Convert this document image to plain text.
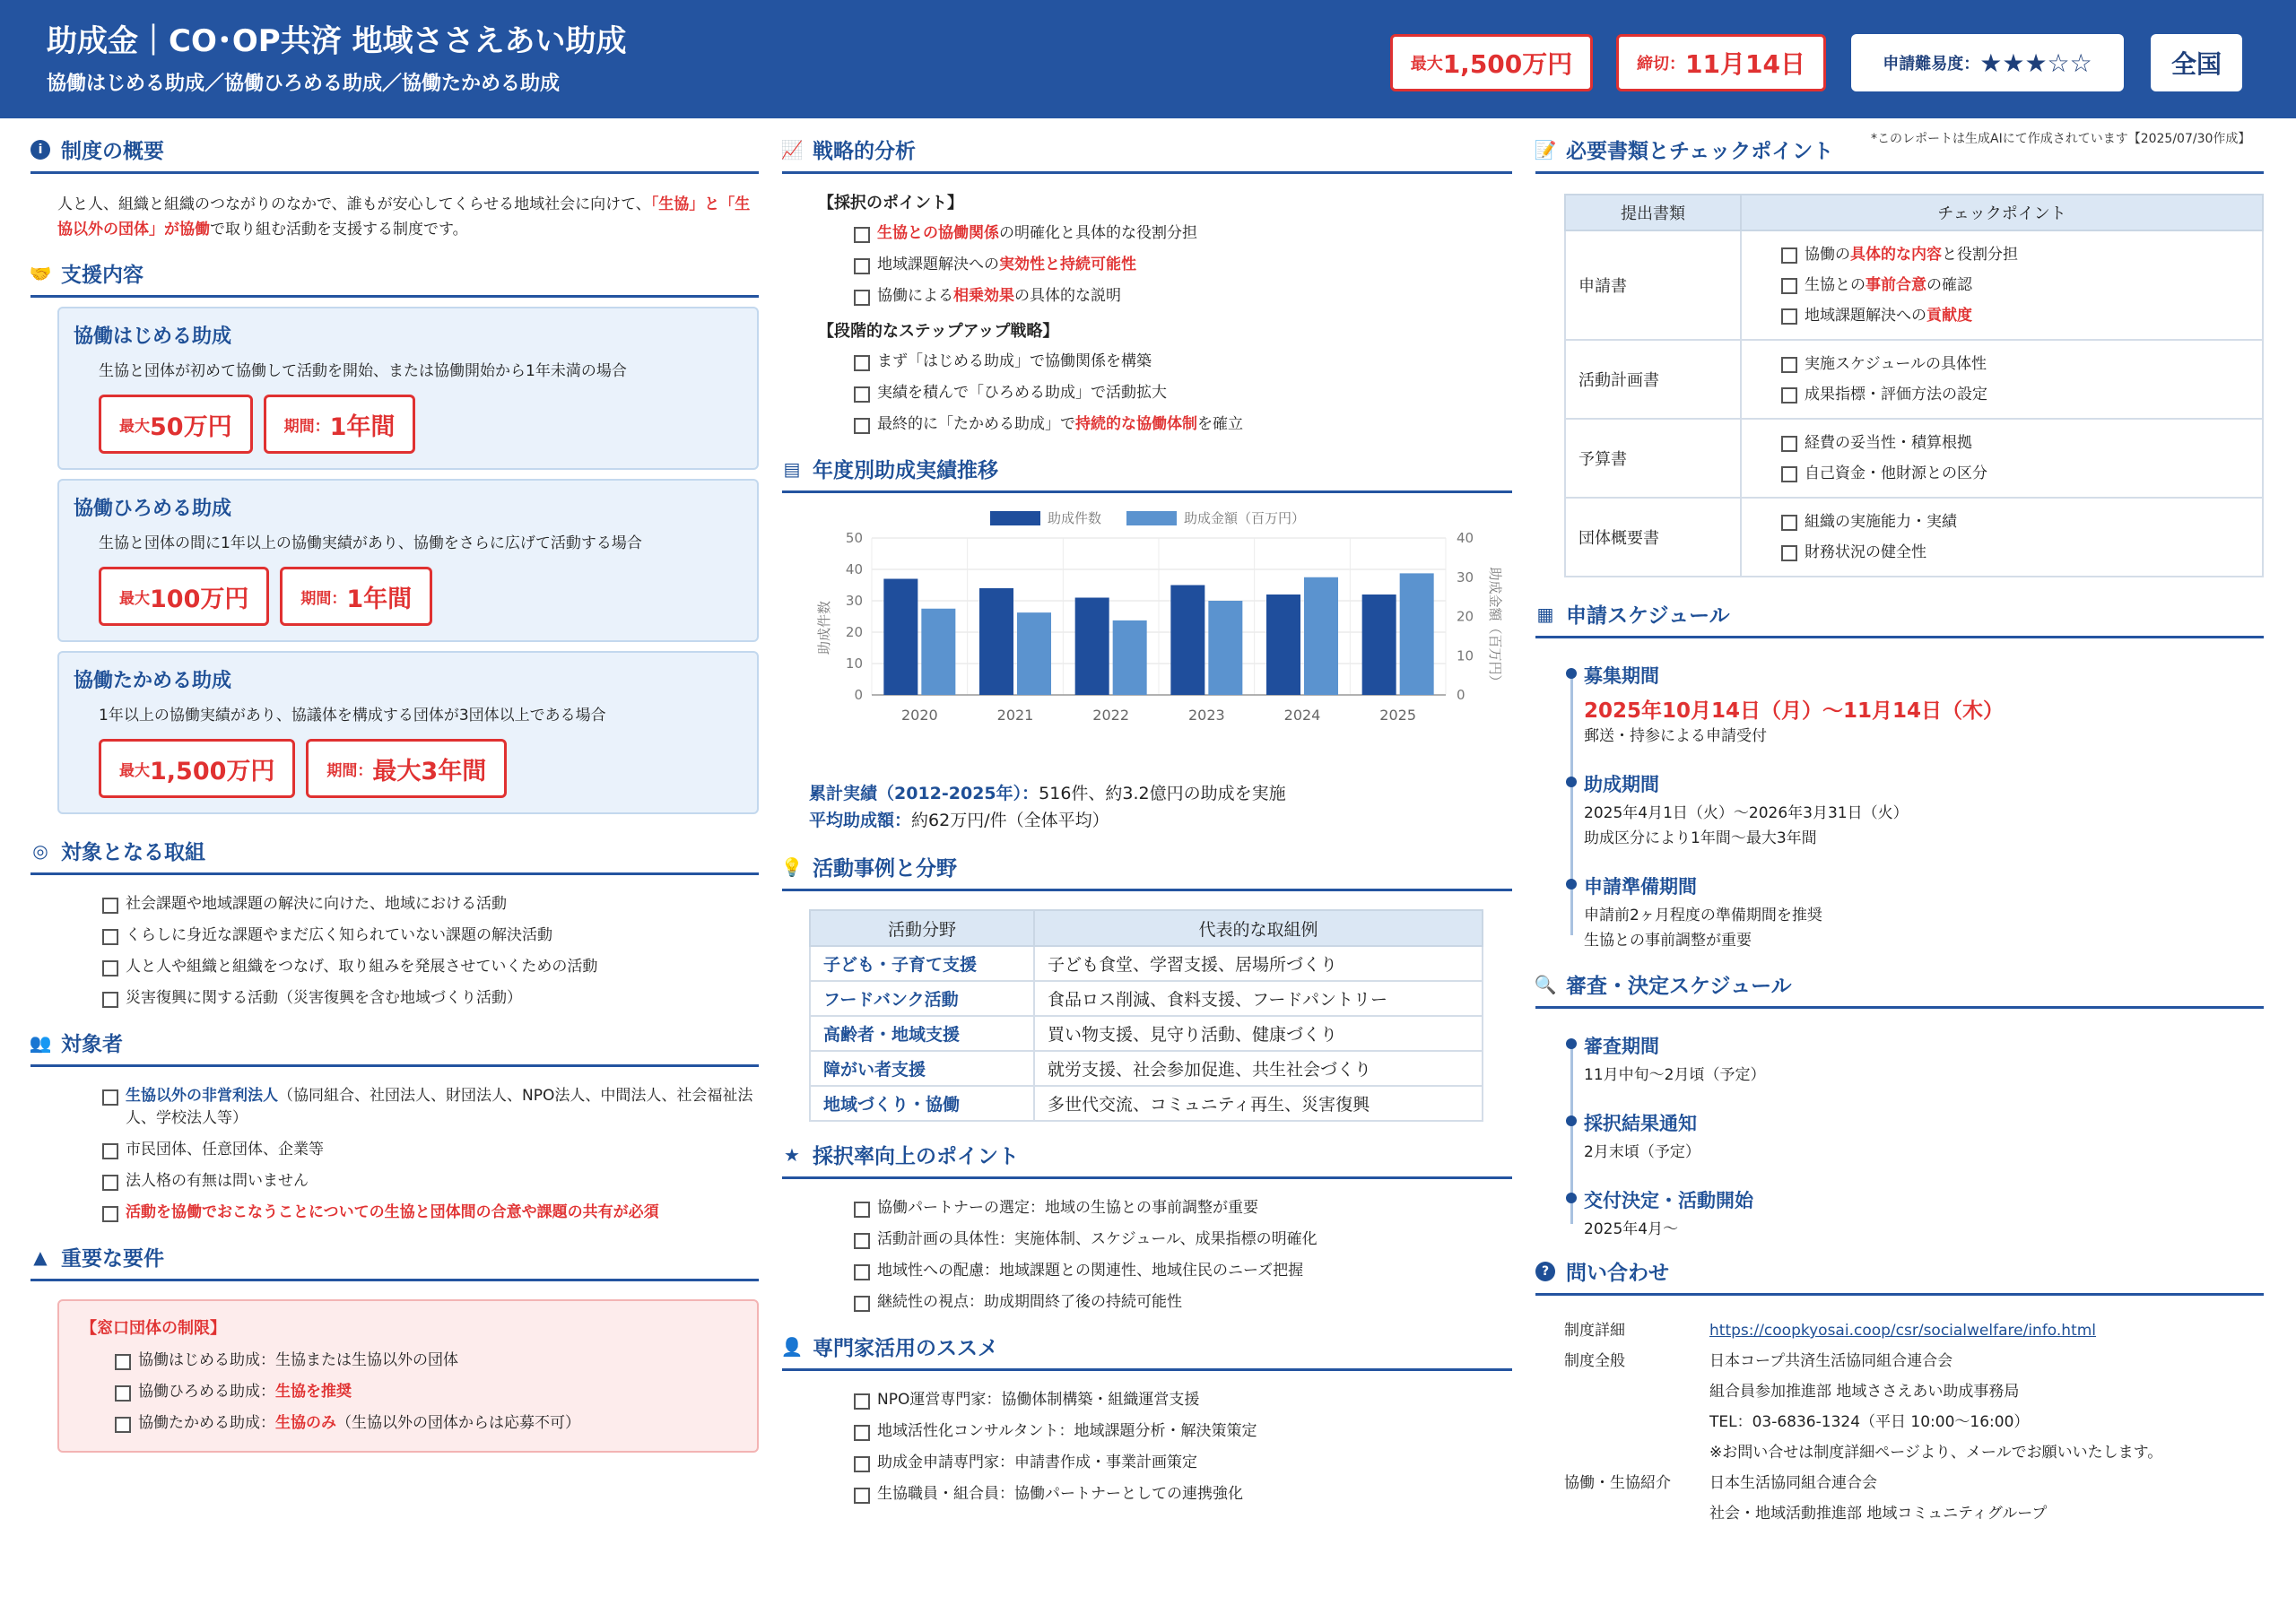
助成金｜CO･OP共済 地域ささえあい助成
協働はじめる助成／協働ひろめる助成／協働たかめる助成
最大 1,500万円	締切： 11月14日	申請難易度： ★★★☆☆	全国
*このレポートは生成AIにて作成されています【2025/07/30作成】
i 制度の概要
人と人、組織と組織のつながりのなかで、誰もが安心してくらせる地域社会に向けて、「生協」と「生協以外の団体」が協働で取り組む活動を支援する制度です。
🤝 支援内容
協働はじめる助成
生協と団体が初めて協働して活動を開始、または協働開始から1年未満の場合
最大 50万円	期間： 1年間
協働ひろめる助成
生協と団体の間に1年以上の協働実績があり、協働をさらに広げて活動する場合
最大 100万円	期間： 1年間
協働たかめる助成
1年以上の協働実績があり、協議体を構成する団体が3団体以上である場合
最大 1,500万円	期間： 最大3年間
◎ 対象となる取組
社会課題や地域課題の解決に向けた、地域における活動
くらしに身近な課題やまだ広く知られていない課題の解決活動
人と人や組織と組織をつなげ、取り組みを発展させていくための活動
災害復興に関する活動（災害復興を含む地域づくり活動）
👥 対象者
生協以外の非営利法人（協同組合、社団法人、財団法人、NPO法人、中間法人、社会福祉法人、学校法人等）
市民団体、任意団体、企業等
法人格の有無は問いません
活動を協働でおこなうことについての生協と団体間の合意や課題の共有が必須
▲ 重要な要件
【窓口団体の制限】
協働はじめる助成：生協または生協以外の団体
協働ひろめる助成：生協を推奨
協働たかめる助成：生協のみ（生協以外の団体からは応募不可）
📈 戦略的分析
【採択のポイント】
生協との協働関係の明確化と具体的な役割分担
地域課題解決への実効性と持続可能性
協働による相乗効果の具体的な説明
【段階的なステップアップ戦略】
まず「はじめる助成」で協働関係を構築
実績を積んで「ひろめる助成」で活動拡大
最終的に「たかめる助成」で持続的な協働体制を確立
▤ 年度別助成実績推移
助成件数	助成金額（百万円）
0
10
20
30
40
50
0
10
20
30
40
2020	2021	2022	2023	2024	2025
助成件数	助成金額（百万円）
累計実績（2012-2025年）：516件、約3.2億円の助成を実施
平均助成額：約62万円/件（全体平均）
💡 活動事例と分野
活動分野	代表的な取組例
子ども・子育て支援	子ども食堂、学習支援、居場所づくり
フードバンク活動	食品ロス削減、食料支援、フードパントリー
高齢者・地域支援	買い物支援、見守り活動、健康づくり
障がい者支援	就労支援、社会参加促進、共生社会づくり
地域づくり・協働	多世代交流、コミュニティ再生、災害復興
★ 採択率向上のポイント
協働パートナーの選定：地域の生協との事前調整が重要
活動計画の具体性：実施体制、スケジュール、成果指標の明確化
地域性への配慮：地域課題との関連性、地域住民のニーズ把握
継続性の視点：助成期間終了後の持続可能性
👤 専門家活用のススメ
NPO運営専門家：協働体制構築・組織運営支援
地域活性化コンサルタント：地域課題分析・解決策策定
助成金申請専門家：申請書作成・事業計画策定
生協職員・組合員：協働パートナーとしての連携強化
📝 必要書類とチェックポイント
提出書類	チェックポイント
申請書	協働の具体的な内容と役割分担
生協との事前合意の確認
地域課題解決への貢献度

活動計画書	実施スケジュールの具体性
成果指標・評価方法の設定

予算書	経費の妥当性・積算根拠
自己資金・他財源との区分

団体概要書	組織の実施能力・実績
財務状況の健全性
▦ 申請スケジュール
募集期間
2025年10月14日（月）～11月14日（木）
郵送・持参による申請受付
助成期間
2025年4月1日（火）～2026年3月31日（火）
助成区分により1年間～最大3年間
申請準備期間
申請前2ヶ月程度の準備期間を推奨
生協との事前調整が重要
🔍 審査・決定スケジュール
審査期間
11月中旬～2月頃（予定）
採択結果通知
2月末頃（予定）
交付決定・活動開始
2025年4月～
? 問い合わせ
制度詳細	https://coopkyosai.coop/csr/socialwelfare/info.html
制度全般	日本コープ共済生活協同組合連合会
組合員参加推進部 地域ささえあい助成事務局
TEL：03-6836-1324（平日 10:00～16:00）
※お問い合せは制度詳細ページより、メールでお願いいたします。
協働・生協紹介	日本生活協同組合連合会
社会・地域活動推進部 地域コミュニティグループ
